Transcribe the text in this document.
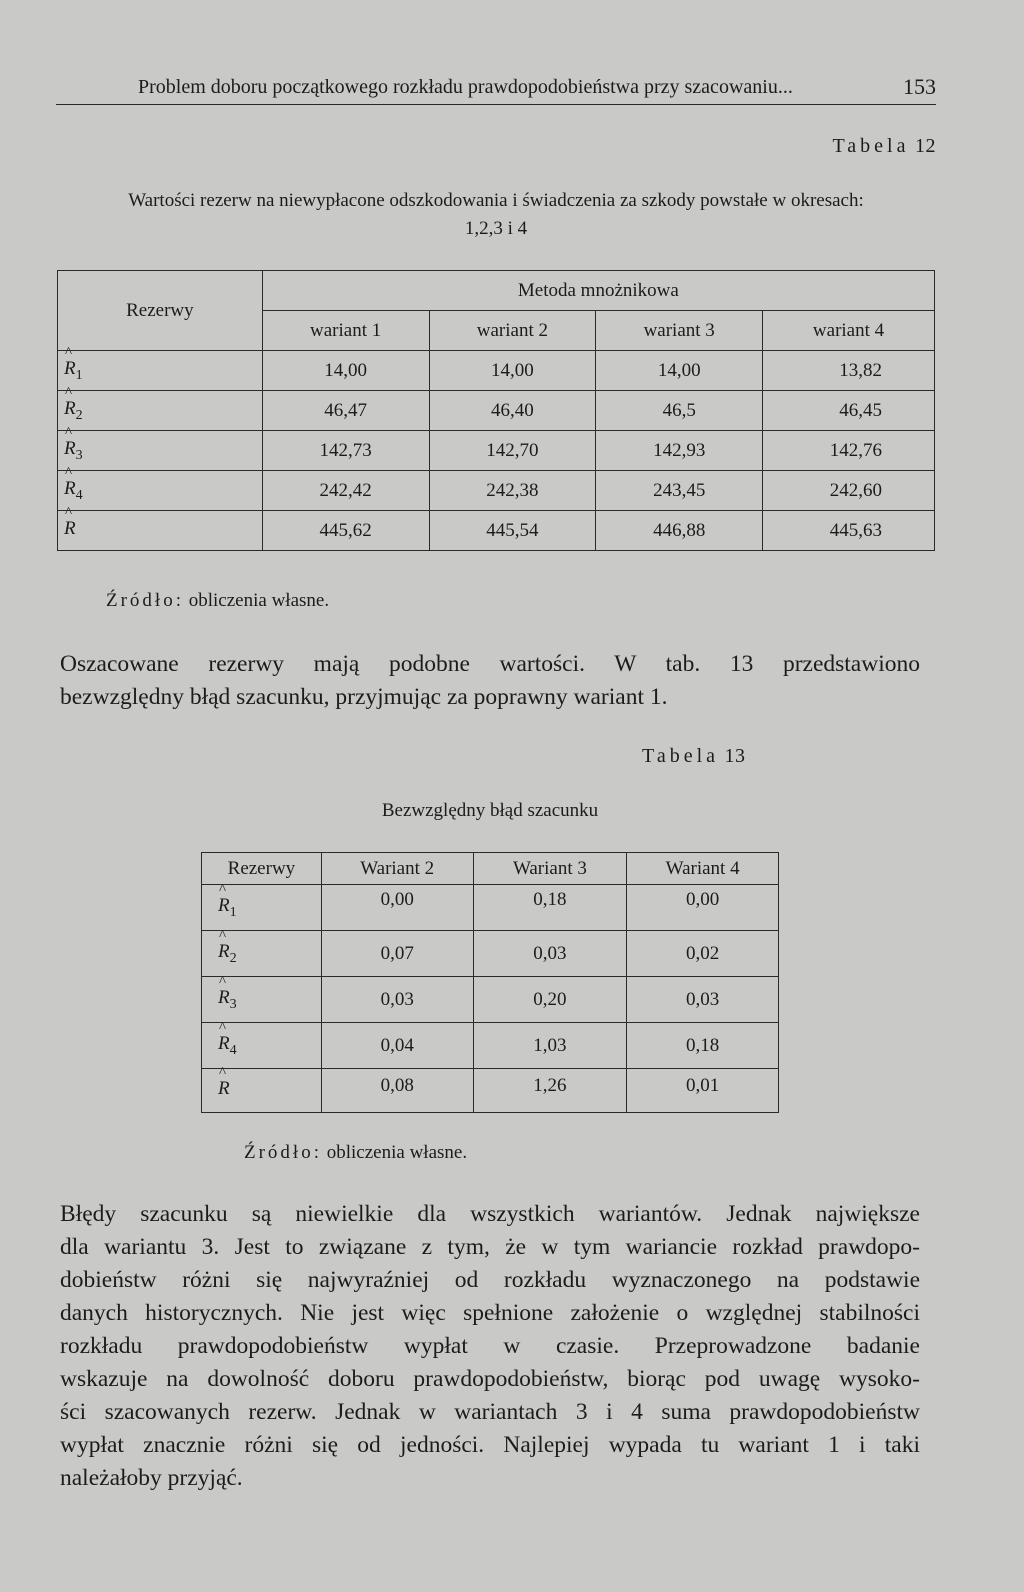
Problem doboru początkowego rozkładu prawdopodobieństwa przy szacowaniu...	153
Tabela 12
Wartości rezerw na niewypłacone odszkodowania i świadczenia za szkody powstałe w okresach:
1,2,3 i 4
Rezerwy	Metoda mnożnikowa			
	wariant 1	wariant 2	wariant 3	wariant 4
^ $R_1$	14,00	14,00	14,00	13,82
^ $R_2$	46,47	46,40	46,5	46,45
^ $R_3$	142,73	142,70	142,93	142,76
^ $R_4$	242,42	242,38	243,45	242,60
^ R	445,62	445,54	446,88	445,63
Źródło: obliczenia własne.
Oszacowane rezerwy mają podobne wartości. W tab. 13 przedstawiono
bezwzględny błąd szacunku, przyjmując za poprawny wariant 1.
Tabela 13
Bezwzględny błąd szacunku
Rezerwy	Wariant 2	Wariant 3	Wariant 4
^ $R_1$	0,00	0,18	0,00
^ $R_2$	0,07	0,03	0,02
^ $R_3$	0,03	0,20	0,03
^ $R_4$	0,04	1,03	0,18
^ R	0,08	1,26	0,01
Źródło: obliczenia własne.
Błędy szacunku są niewielkie dla wszystkich wariantów. Jednak największe
dla wariantu 3. Jest to związane z tym, że w tym wariancie rozkład prawdopo-
dobieństw różni się najwyraźniej od rozkładu wyznaczonego na podstawie
danych historycznych. Nie jest więc spełnione założenie o względnej stabilności
rozkładu prawdopodobieństw wypłat w czasie. Przeprowadzone badanie
wskazuje na dowolność doboru prawdopodobieństw, biorąc pod uwagę wysoko-
ści szacowanych rezerw. Jednak w wariantach 3 i 4 suma prawdopodobieństw
wypłat znacznie różni się od jedności. Najlepiej wypada tu wariant 1 i taki
należałoby przyjąć.
